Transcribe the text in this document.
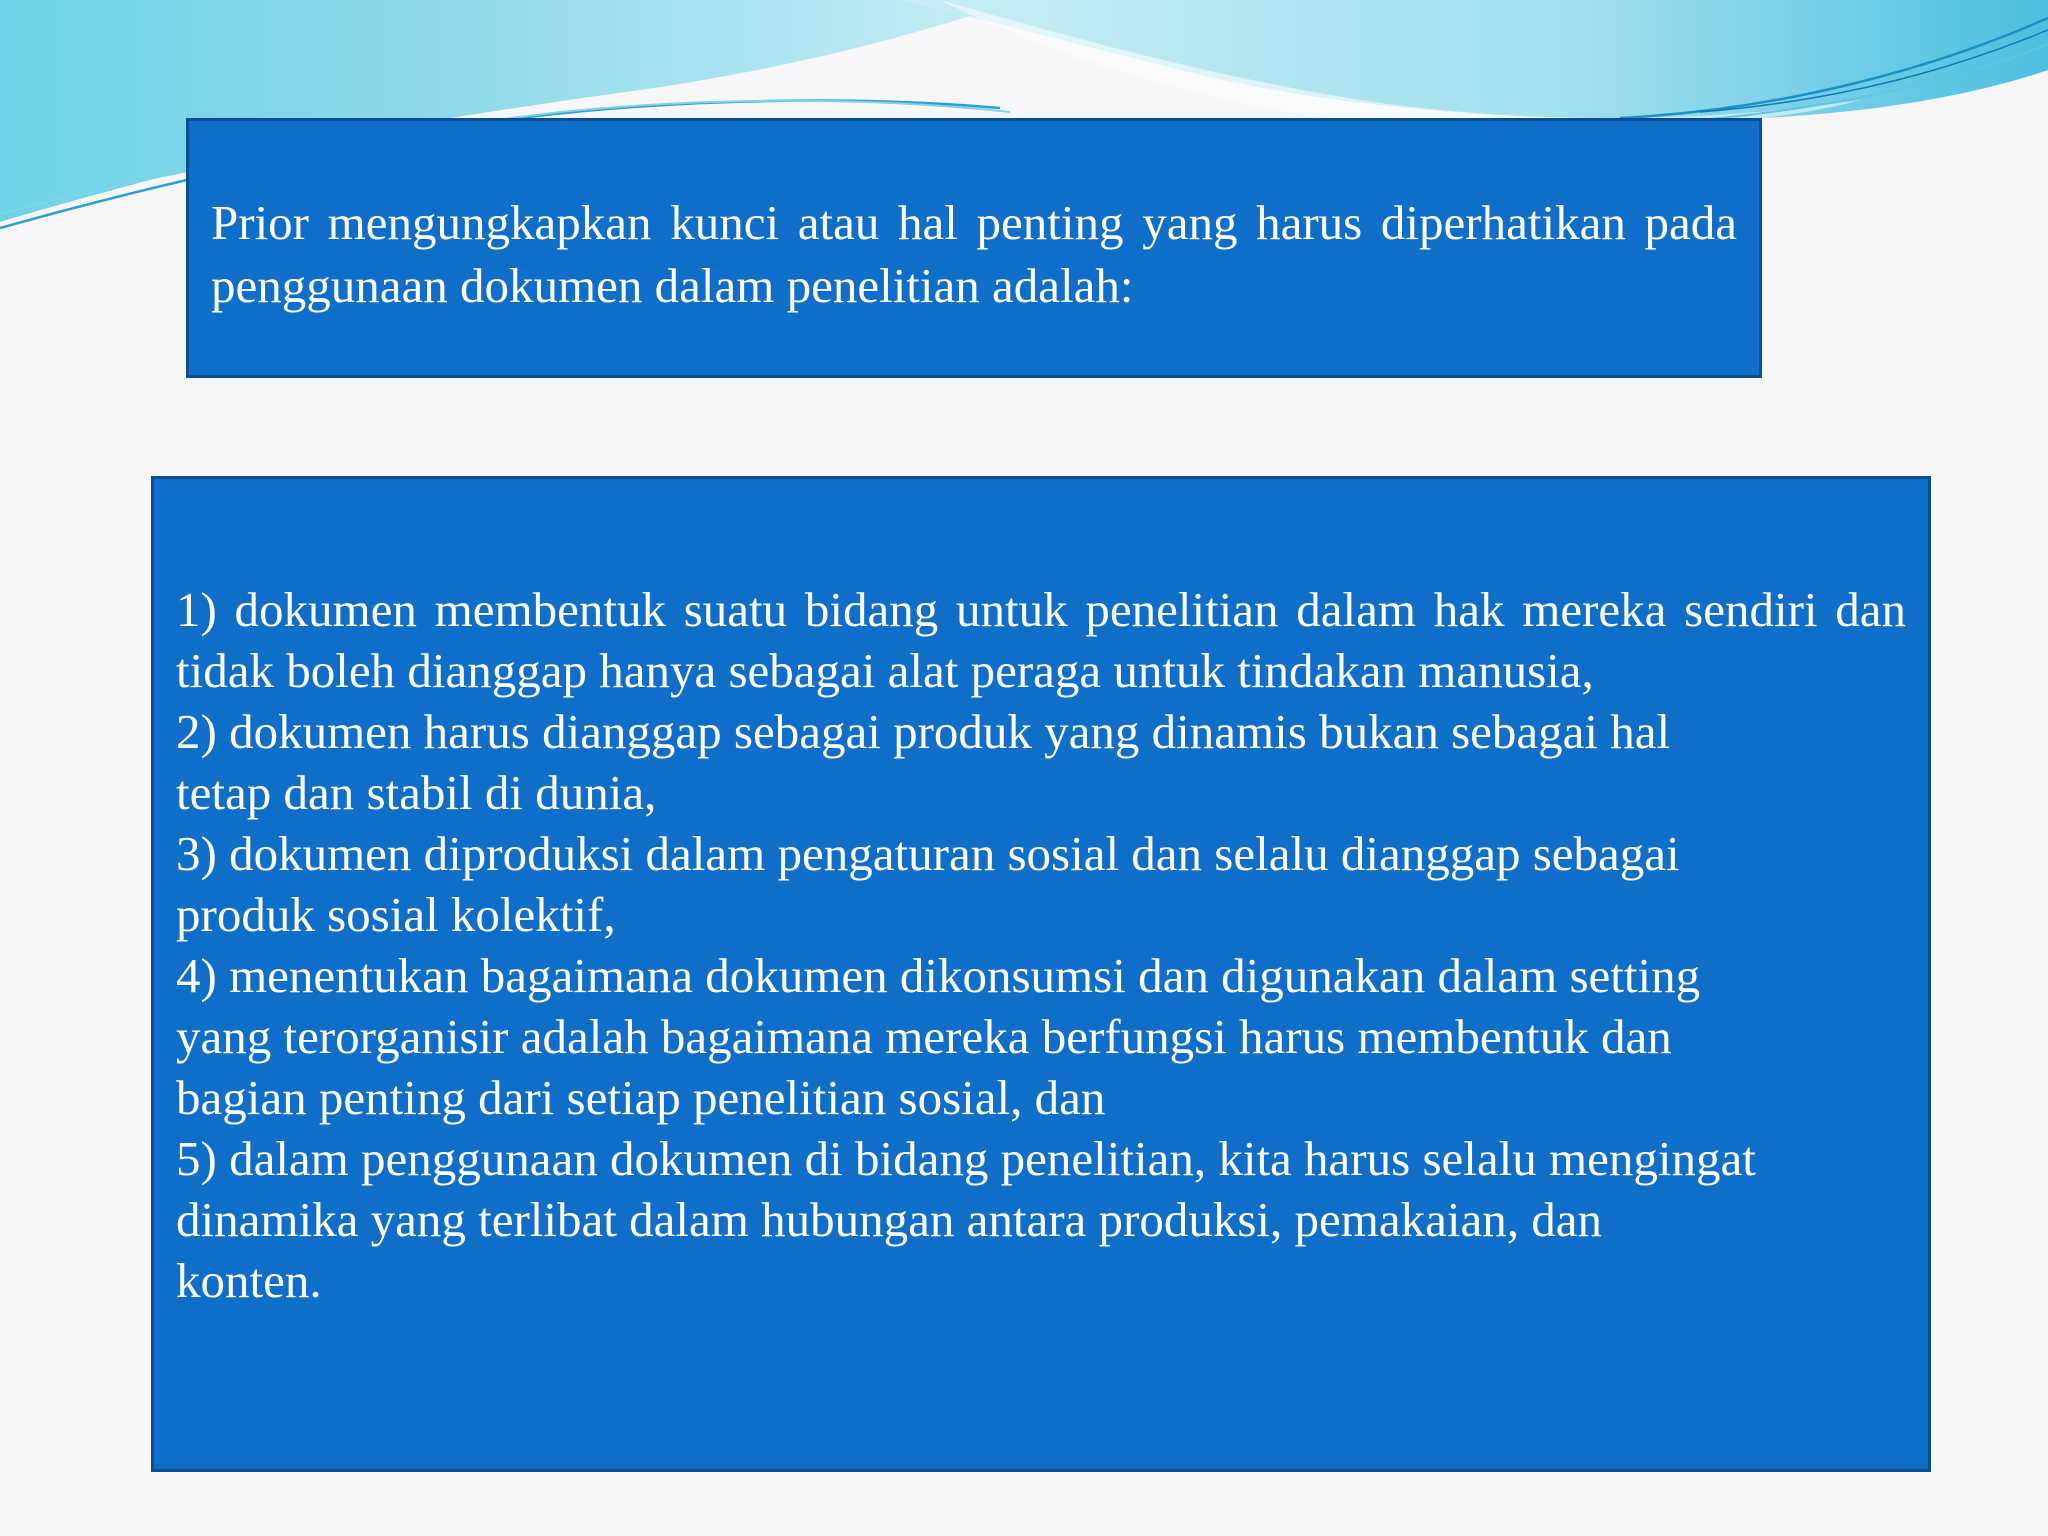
Prior mengungkapkan kunci atau hal penting yang harus diperhatikan pada penggunaan dokumen dalam penelitian adalah:

1) dokumen membentuk suatu bidang untuk penelitian dalam hak mereka sendiri dan tidak boleh dianggap hanya sebagai alat peraga untuk tindakan manusia,
2) dokumen harus dianggap sebagai produk yang dinamis bukan sebagai hal tetap dan stabil di dunia,
3) dokumen diproduksi dalam pengaturan sosial dan selalu dianggap sebagai produk sosial kolektif,
4) menentukan bagaimana dokumen dikonsumsi dan digunakan dalam setting yang terorganisir adalah bagaimana mereka berfungsi harus membentuk dan bagian penting dari setiap penelitian sosial, dan
5) dalam penggunaan dokumen di bidang penelitian, kita harus selalu mengingat dinamika yang terlibat dalam hubungan antara produksi, pemakaian, dan konten.
